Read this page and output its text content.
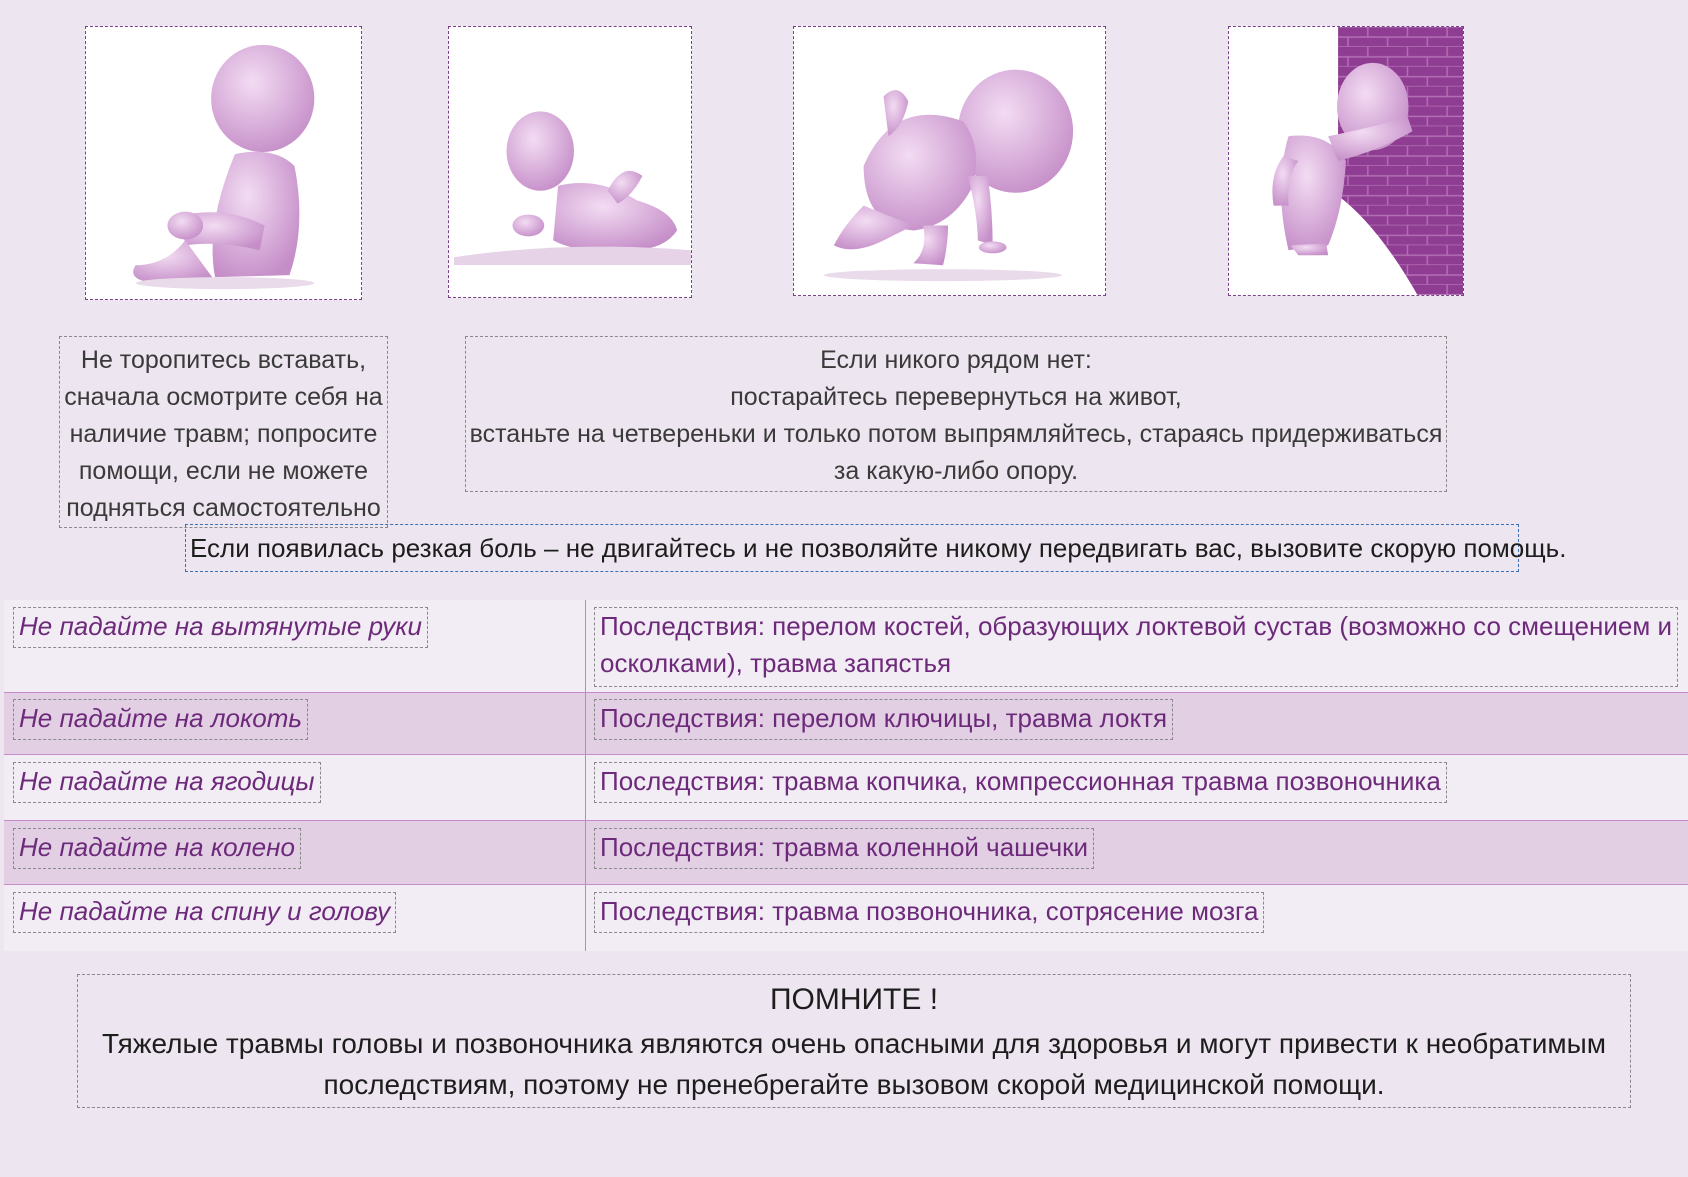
Не торопитесь вставать,
сначала осмотрите себя на
наличие травм; попросите
помощи, если не можете
подняться самостоятельно
Если никого рядом нет:
постарайтесь перевернуться на живот,
встаньте на четвереньки и только потом выпрямляйтесь, стараясь придерживаться
за какую-либо опору.
Если появилась резкая боль – не двигайтесь и не позволяйте никому передвигать вас, вызовите скорую помощь.
Не падайте на вытянутые руки	Последствия: перелом костей, образующих локтевой сустав (возможно со смещением и
осколками), травма запястья
Не падайте на локоть	Последствия: перелом ключицы, травма локтя
Не падайте на ягодицы	Последствия: травма копчика, компрессионная травма позвоночника
Не падайте на колено	Последствия: травма коленной чашечки
Не падайте на спину и голову	Последствия: травма позвоночника, сотрясение мозга
ПОМНИТЕ !
Тяжелые травмы головы и позвоночника являются очень опасными для здоровья и могут привести к необратимым
последствиям, поэтому не пренебрегайте вызовом скорой медицинской помощи.
